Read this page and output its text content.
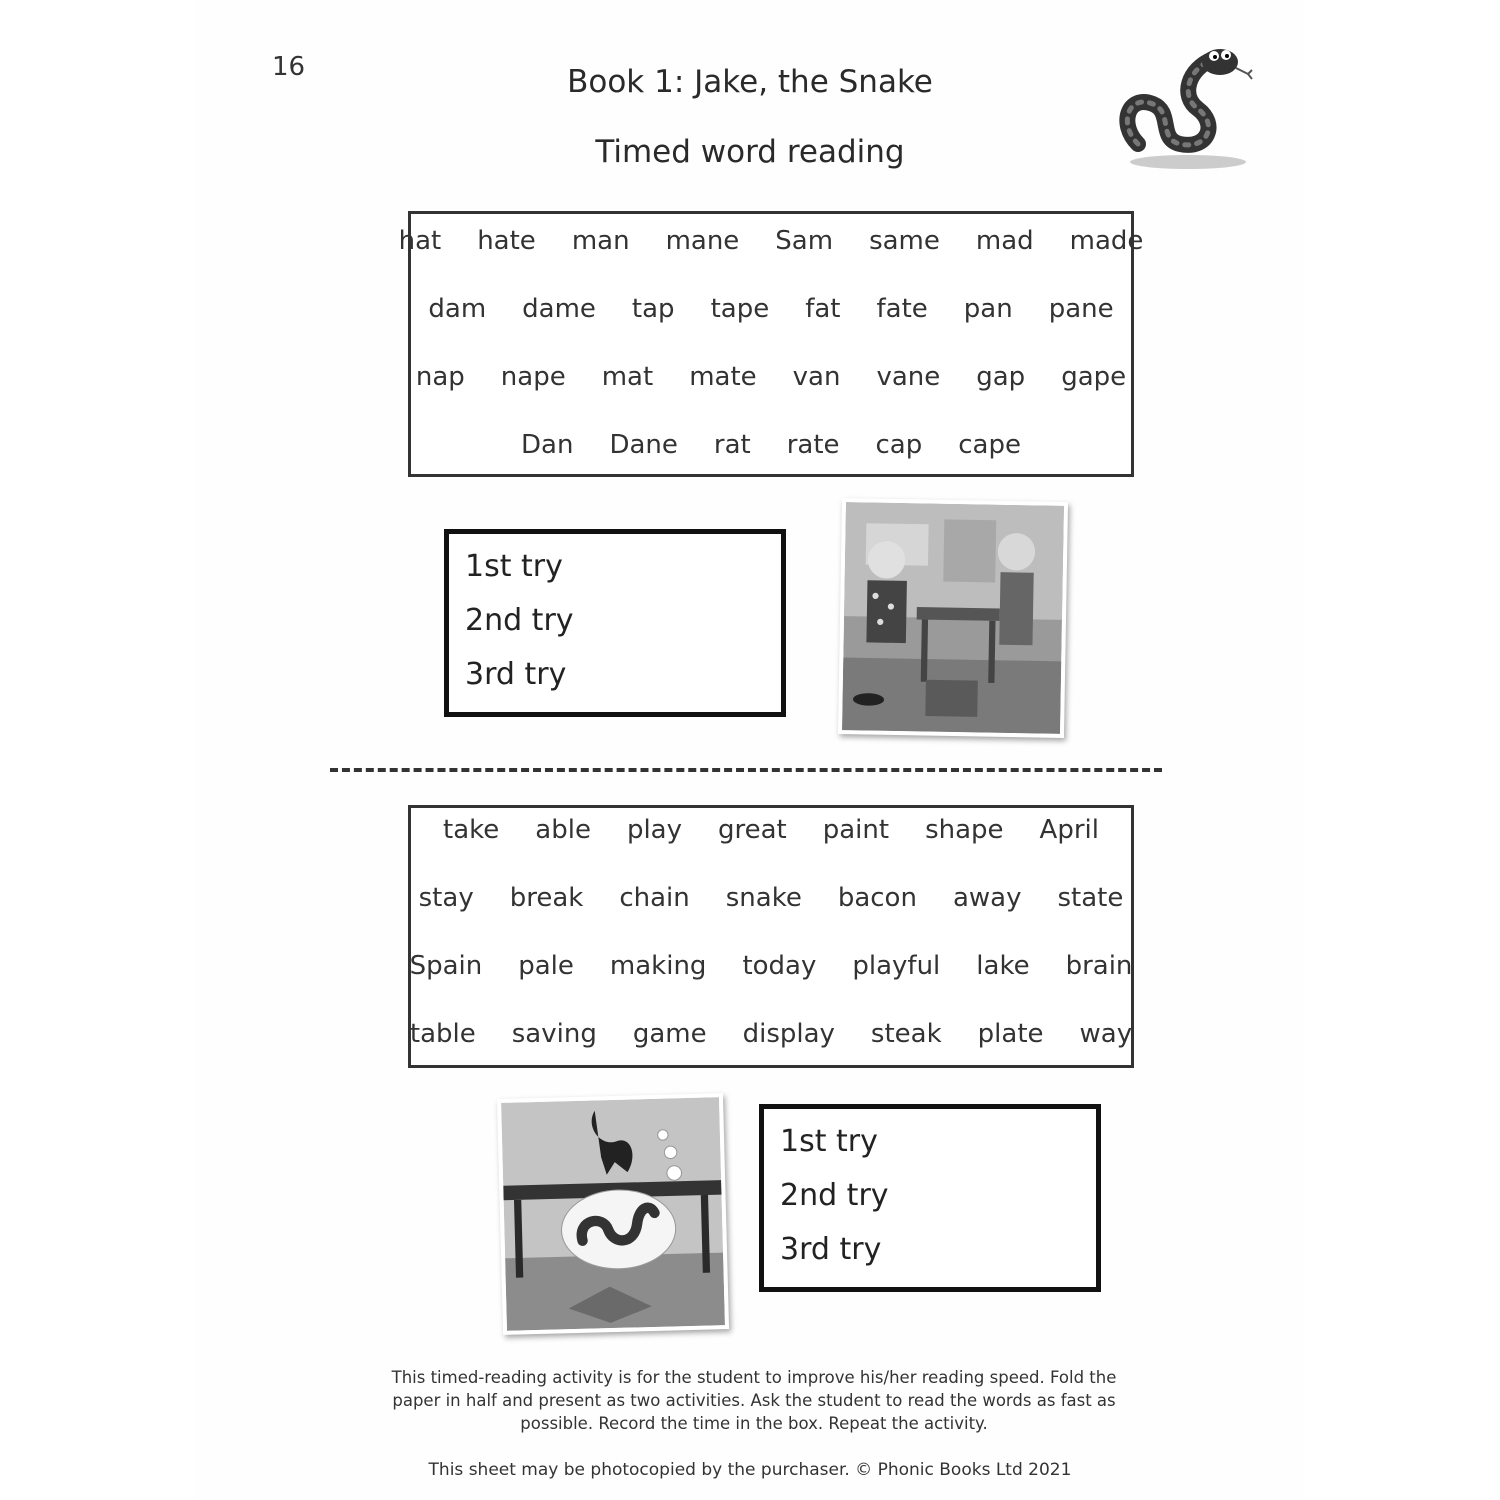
16	Book 1: Jake, the Snake
Timed word reading
hat	hate	man	mane	Sam	same	mad	made
dam	dame	tap	tape	fat	fate	pan	pane
nap	nape	mat	mate	van	vane	gap	gape
Dan	Dane	rat	rate	cap	cape
1st try
2nd try
3rd try
take	able	play	great	paint	shape	April
stay	break	chain	snake	bacon	away	state
Spain	pale	making	today	playful	lake	brain
table	saving	game	display	steak	plate	way
1st try
2nd try
3rd try
This timed-reading activity is for the student to improve his/her reading speed. Fold the paper in half and present as two activities. Ask the student to read the words as fast as possible. Record the time in the box. Repeat the activity.
This sheet may be photocopied by the purchaser. © Phonic Books Ltd 2021
